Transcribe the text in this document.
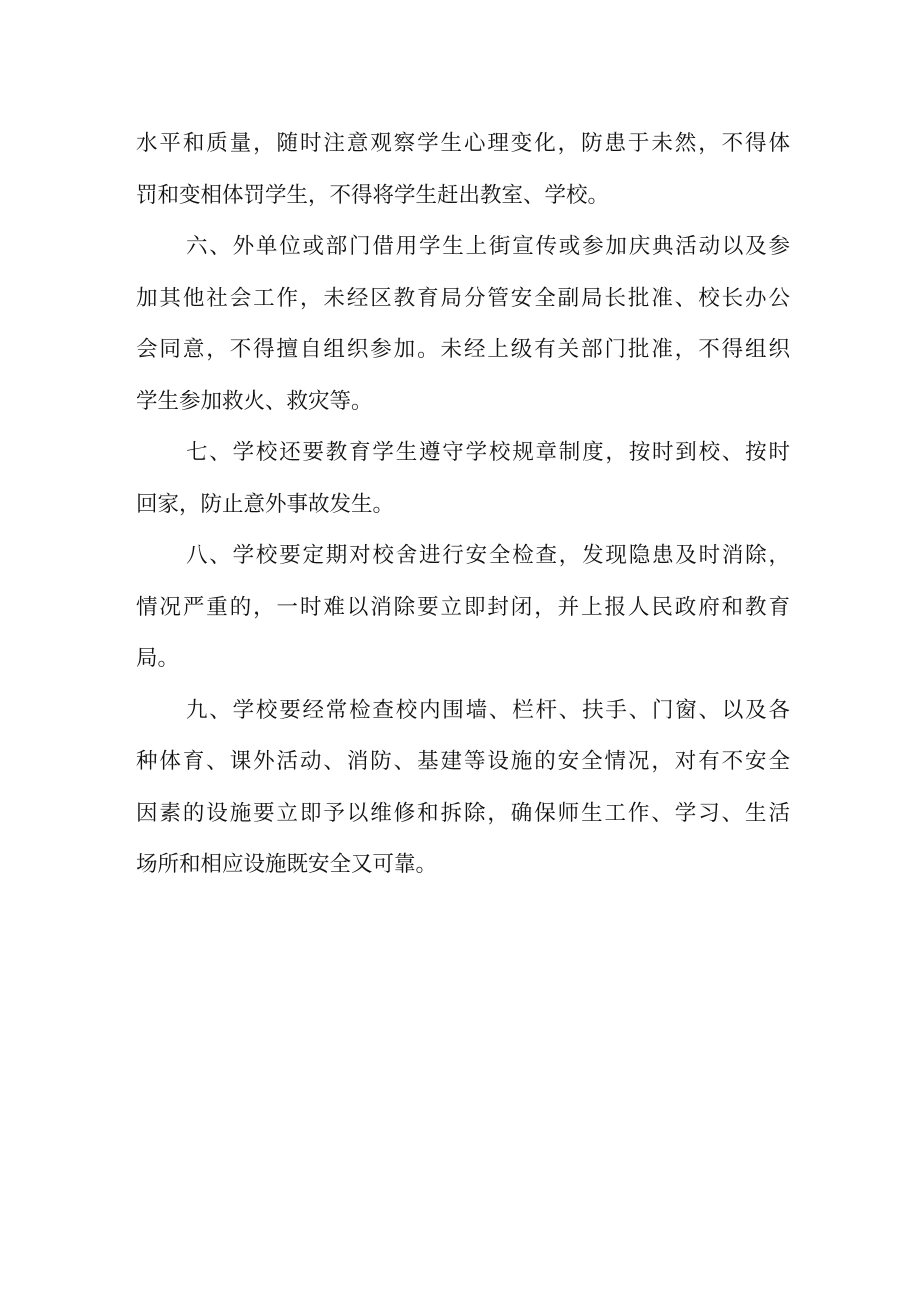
水平和质量，随时注意观察学生心理变化，防患于未然，不得体
罚和变相体罚学生，不得将学生赶出教室、学校。
六、外单位或部门借用学生上街宣传或参加庆典活动以及参
加其他社会工作，未经区教育局分管安全副局长批准、校长办公
会同意，不得擅自组织参加。未经上级有关部门批准，不得组织
学生参加救火、救灾等。
七、学校还要教育学生遵守学校规章制度，按时到校、按时
回家，防止意外事故发生。
八、学校要定期对校舍进行安全检查，发现隐患及时消除，
情况严重的，一时难以消除要立即封闭，并上报人民政府和教育
局。
九、学校要经常检查校内围墙、栏杆、扶手、门窗、以及各
种体育、课外活动、消防、基建等设施的安全情况，对有不安全
因素的设施要立即予以维修和拆除，确保师生工作、学习、生活
场所和相应设施既安全又可靠。
